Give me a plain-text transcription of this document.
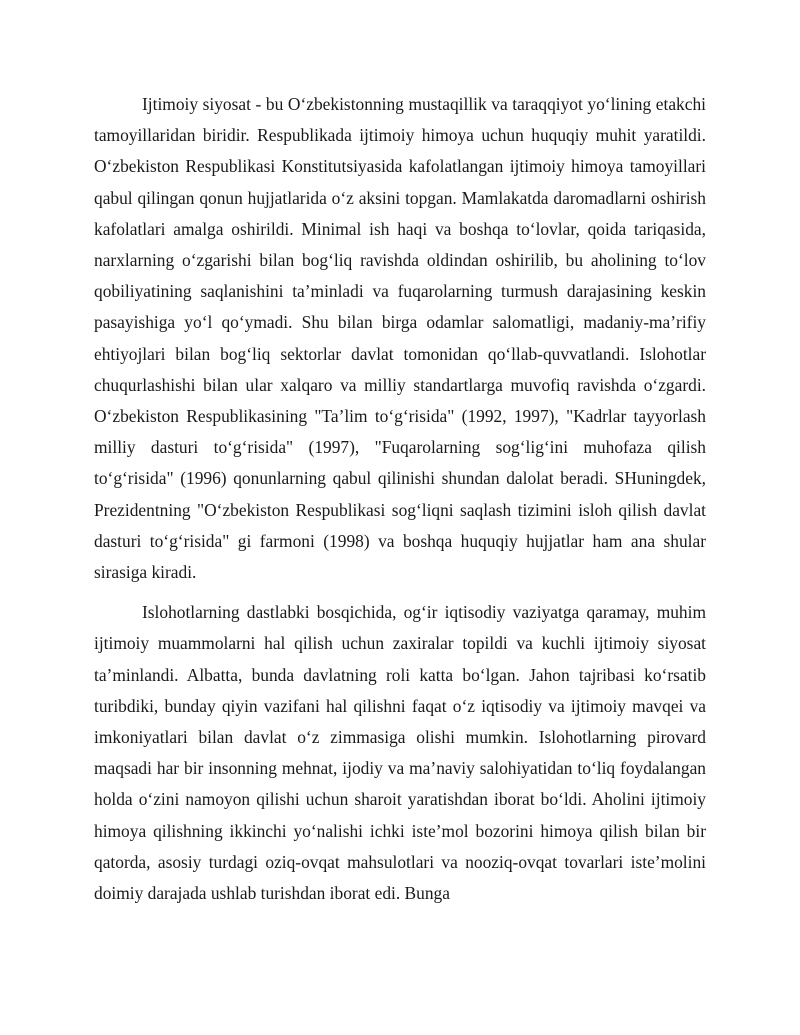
Ijtimoiy siyosat - bu O‘zbekistonning mustaqillik va taraqqiyot yo‘lining etakchi tamoyillaridan biridir. Respublikada ijtimoiy himoya uchun huquqiy muhit yaratildi. O‘zbekiston Respublikasi Konstitutsiyasida kafolatlangan ijtimoiy himoya tamoyillari qabul qilingan qonun hujjatlarida o‘z aksini topgan. Mamlakatda daromadlarni oshirish kafolatlari amalga oshirildi. Minimal ish haqi va boshqa to‘lovlar, qoida tariqasida, narxlarning o‘zgarishi bilan bog‘liq ravishda oldindan oshirilib, bu aholining to‘lov qobiliyatining saqlanishini ta’minladi va fuqarolarning turmush darajasining keskin pasayishiga yo‘l qo‘ymadi. Shu bilan birga odamlar salomatligi, madaniy-ma’rifiy ehtiyojlari bilan bog‘liq sektorlar davlat tomonidan qo‘llab-quvvatlandi. Islohotlar chuqurlashishi bilan ular xalqaro va milliy standartlarga muvofiq ravishda o‘zgardi. O‘zbekiston Respublikasining "Ta’lim to‘g‘risida" (1992, 1997), "Kadrlar tayyorlash milliy dasturi to‘g‘risida" (1997), "Fuqarolarning sog‘lig‘ini muhofaza qilish to‘g‘risida" (1996) qonunlarning qabul qilinishi shundan dalolat beradi. SHuningdek, Prezidentning "O‘zbekiston Respublikasi sog‘liqni saqlash tizimini isloh qilish davlat dasturi to‘g‘risida" gi farmoni (1998) va boshqa huquqiy hujjatlar ham ana shular sirasiga kiradi.

Islohotlarning dastlabki bosqichida, og‘ir iqtisodiy vaziyatga qaramay, muhim ijtimoiy muammolarni hal qilish uchun zaxiralar topildi va kuchli ijtimoiy siyosat ta’minlandi. Albatta, bunda davlatning roli katta bo‘lgan. Jahon tajribasi ko‘rsatib turibdiki, bunday qiyin vazifani hal qilishni faqat o‘z iqtisodiy va ijtimoiy mavqei va imkoniyatlari bilan davlat o‘z zimmasiga olishi mumkin. Islohotlarning pirovard maqsadi har bir insonning mehnat, ijodiy va ma’naviy salohiyatidan to‘liq foydalangan holda o‘zini namoyon qilishi uchun sharoit yaratishdan iborat bo‘ldi. Aholini ijtimoiy himoya qilishning ikkinchi yo‘nalishi ichki iste’mol bozorini himoya qilish bilan bir qatorda, asosiy turdagi oziq-ovqat mahsulotlari va nooziq-ovqat tovarlari iste’molini doimiy darajada ushlab turishdan iborat edi. Bunga
